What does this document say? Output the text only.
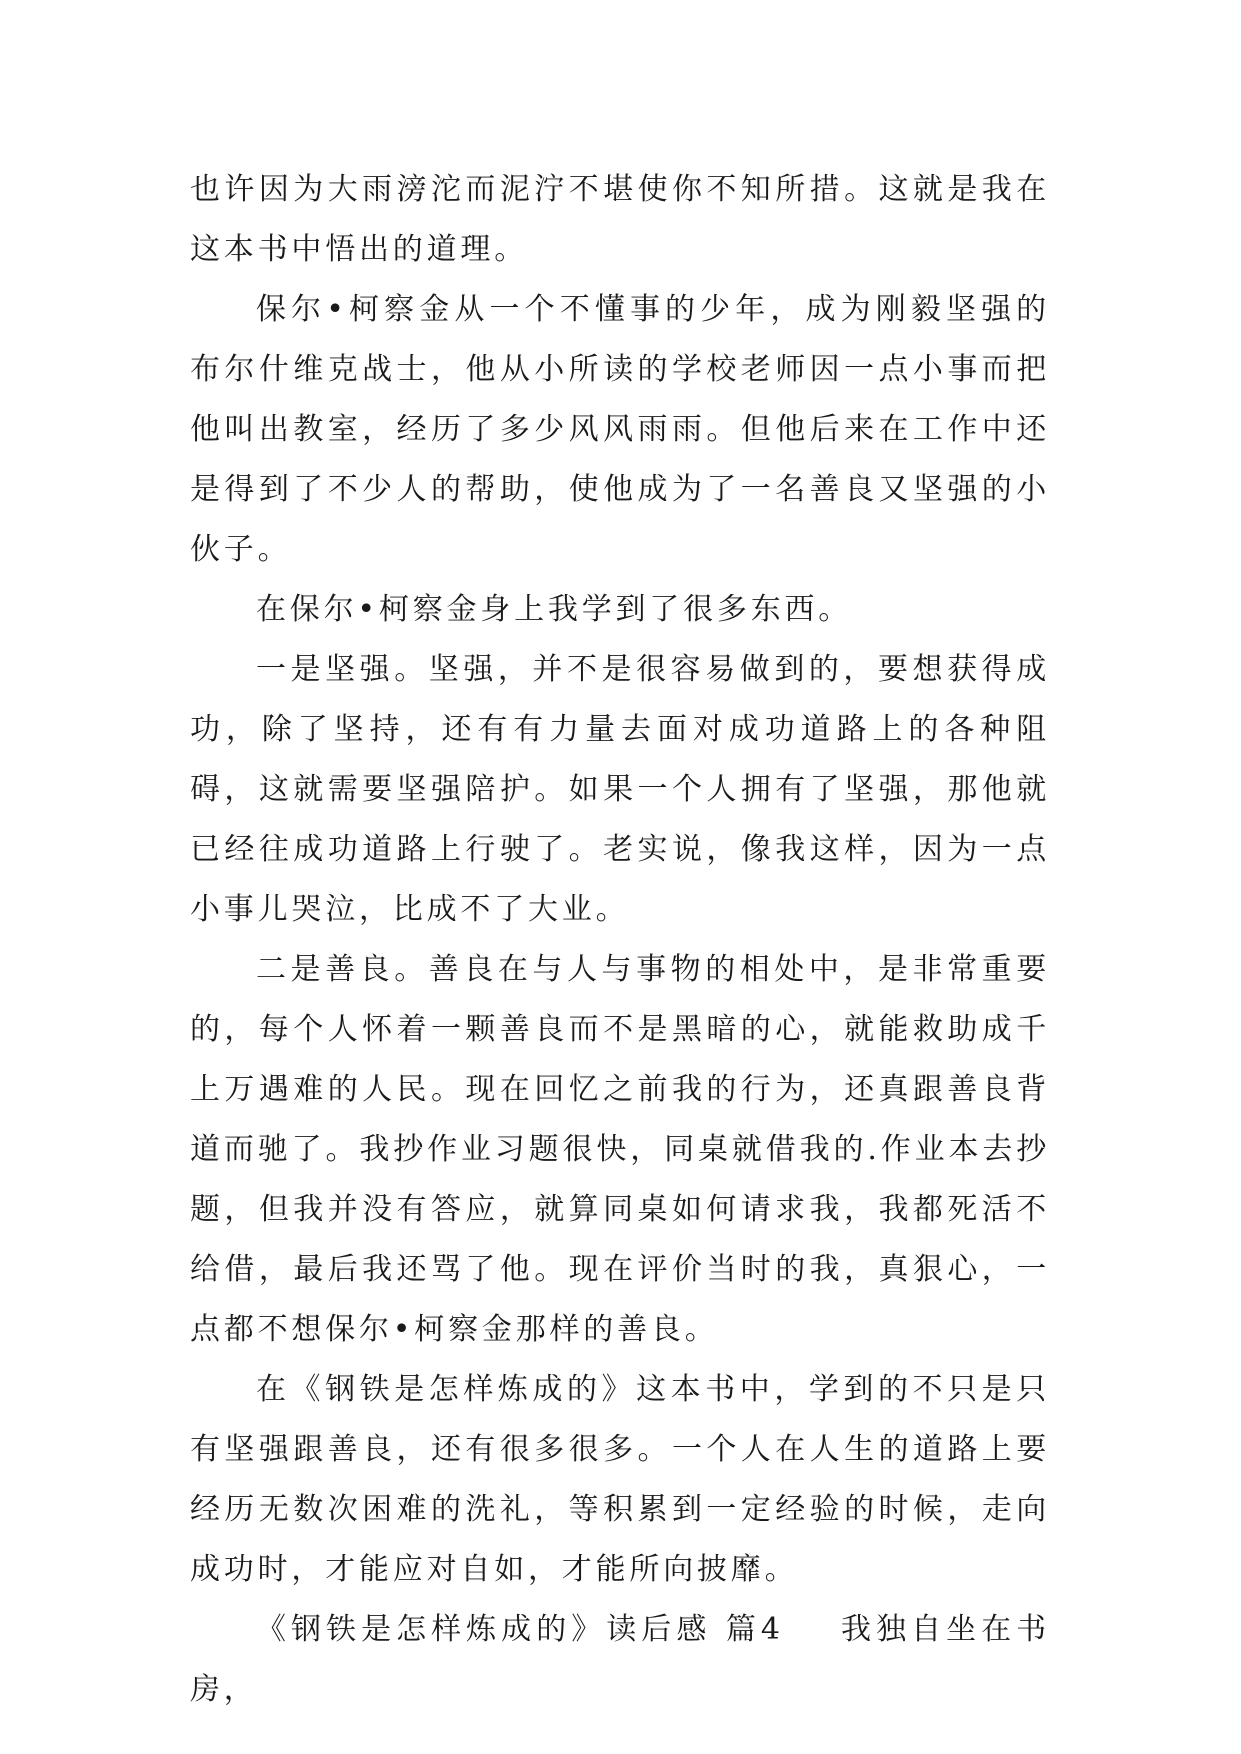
也许因为大雨滂沱而泥泞不堪使你不知所措。这就是我在这本书中悟出的道理。

保尔•柯察金从一个不懂事的少年，成为刚毅坚强的布尔什维克战士，他从小所读的学校老师因一点小事而把他叫出教室，经历了多少风风雨雨。但他后来在工作中还是得到了不少人的帮助，使他成为了一名善良又坚强的小伙子。

在保尔•柯察金身上我学到了很多东西。

一是坚强。坚强，并不是很容易做到的，要想获得成功，除了坚持，还有有力量去面对成功道路上的各种阻碍，这就需要坚强陪护。如果一个人拥有了坚强，那他就已经往成功道路上行驶了。老实说，像我这样，因为一点小事儿哭泣，比成不了大业。

二是善良。善良在与人与事物的相处中，是非常重要的，每个人怀着一颗善良而不是黑暗的心，就能救助成千上万遇难的人民。现在回忆之前我的行为，还真跟善良背道而驰了。我抄作业习题很快，同桌就借我的.作业本去抄题，但我并没有答应，就算同桌如何请求我，我都死活不给借，最后我还骂了他。现在评价当时的我，真狠心，一点都不想保尔•柯察金那样的善良。

在《钢铁是怎样炼成的》这本书中，学到的不只是只有坚强跟善良，还有很多很多。一个人在人生的道路上要经历无数次困难的洗礼，等积累到一定经验的时候，走向成功时，才能应对自如，才能所向披靡。

《钢铁是怎样炼成的》读后感 篇4 我独自坐在书房，
